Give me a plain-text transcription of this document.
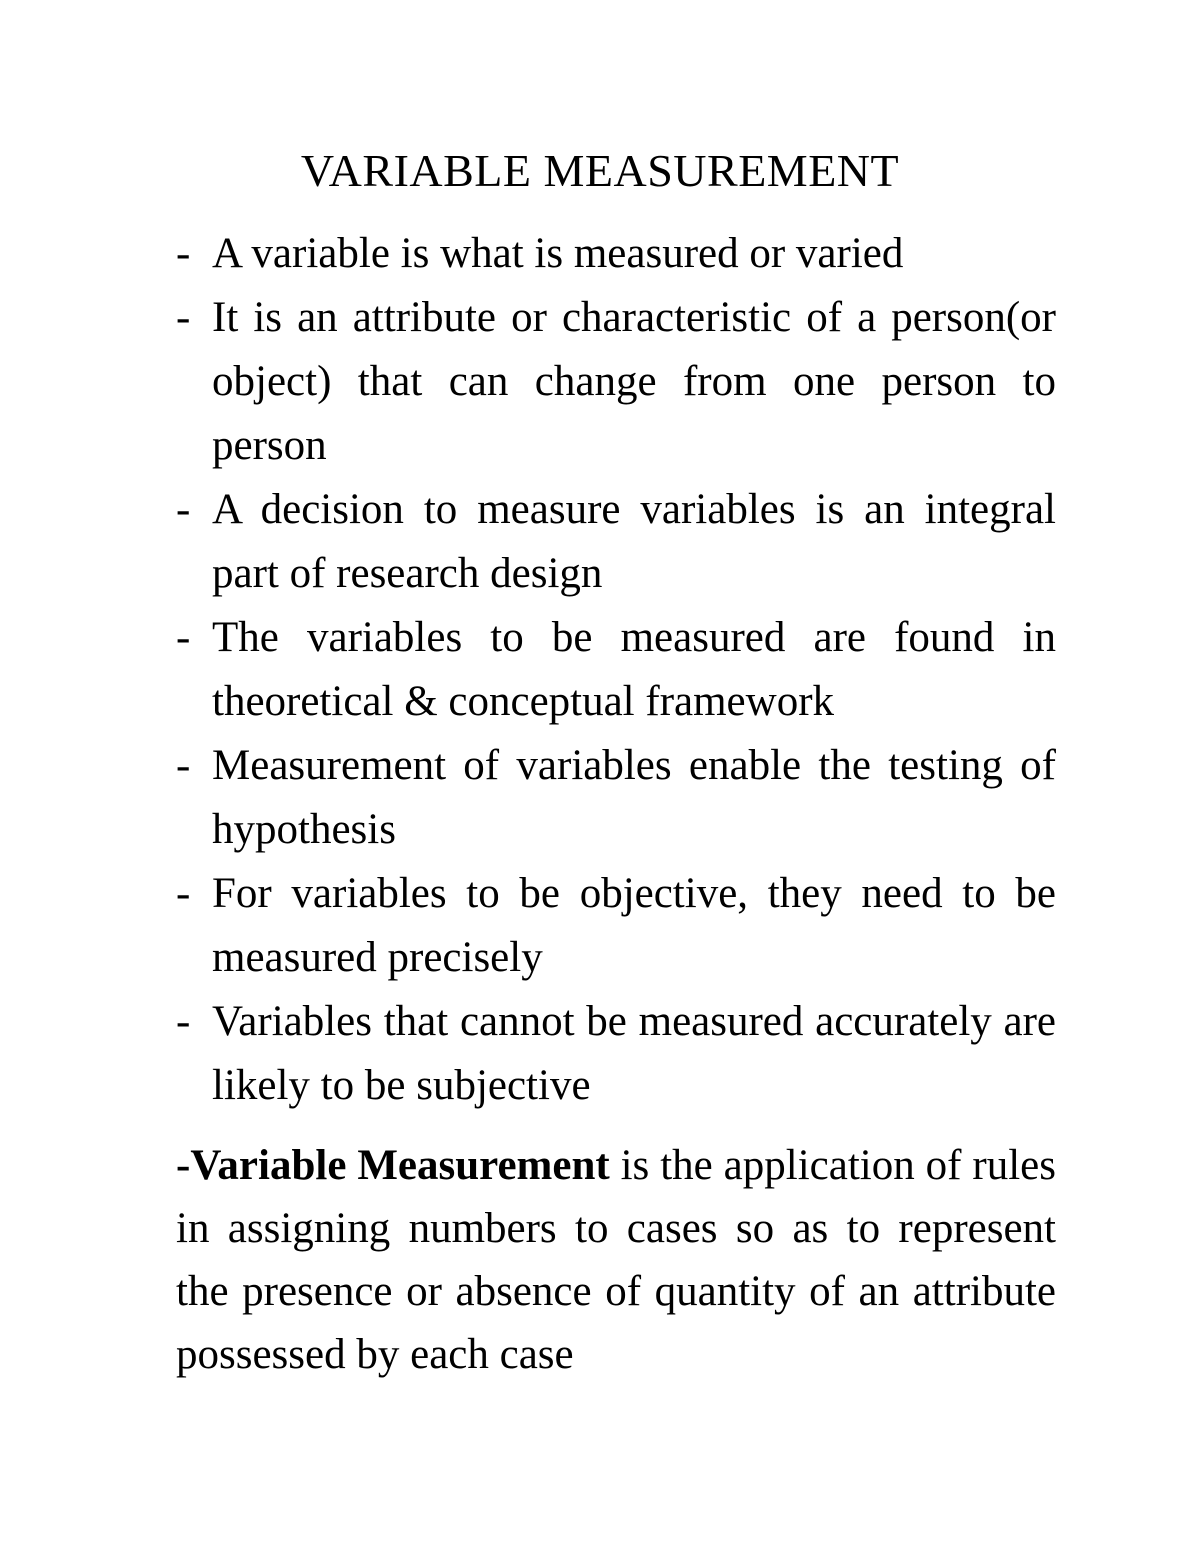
VARIABLE MEASUREMENT
- A variable is what is measured or varied
- It is an attribute or characteristic of a person(or object) that can change from one person to person
- A decision to measure variables is an integral part of research design
- The variables to be measured are found in theoretical & conceptual framework
- Measurement of variables enable the testing of hypothesis
- For variables to be objective, they need to be measured precisely
- Variables that cannot be measured accurately are likely to be subjective

-Variable Measurement is the application of rules in assigning numbers to cases so as to represent the presence or absence of quantity of an attribute possessed by each case
